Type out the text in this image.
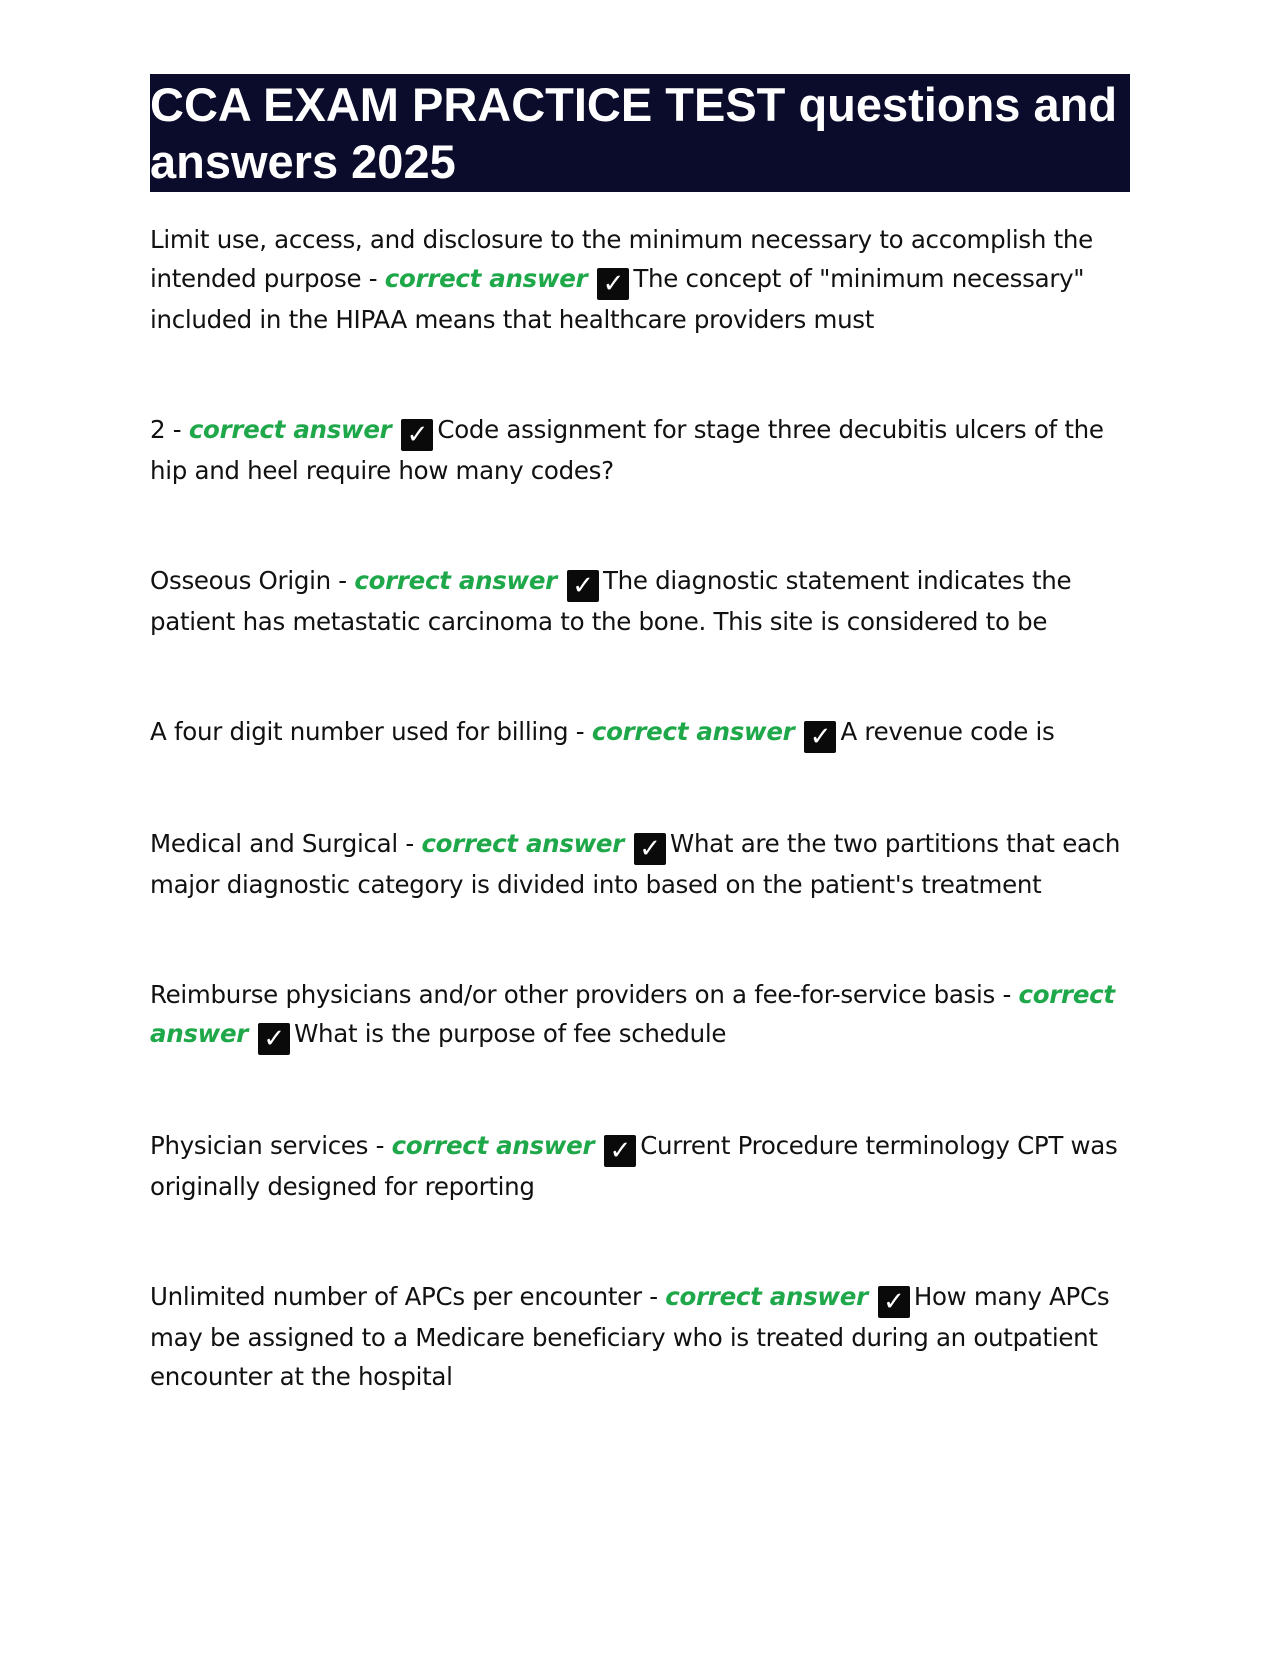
CCA EXAM PRACTICE TEST questions and answers 2025

Limit use, access, and disclosure to the minimum necessary to accomplish the intended purpose - correct answer ✓ The concept of "minimum necessary" included in the HIPAA means that healthcare providers must

2 - correct answer ✓ Code assignment for stage three decubitis ulcers of the hip and heel require how many codes?

Osseous Origin - correct answer ✓ The diagnostic statement indicates the patient has metastatic carcinoma to the bone. This site is considered to be

A four digit number used for billing - correct answer ✓ A revenue code is

Medical and Surgical - correct answer ✓ What are the two partitions that each major diagnostic category is divided into based on the patient's treatment

Reimburse physicians and/or other providers on a fee-for-service basis - correct answer ✓ What is the purpose of fee schedule

Physician services - correct answer ✓ Current Procedure terminology CPT was originally designed for reporting

Unlimited number of APCs per encounter - correct answer ✓ How many APCs may be assigned to a Medicare beneficiary who is treated during an outpatient encounter at the hospital
